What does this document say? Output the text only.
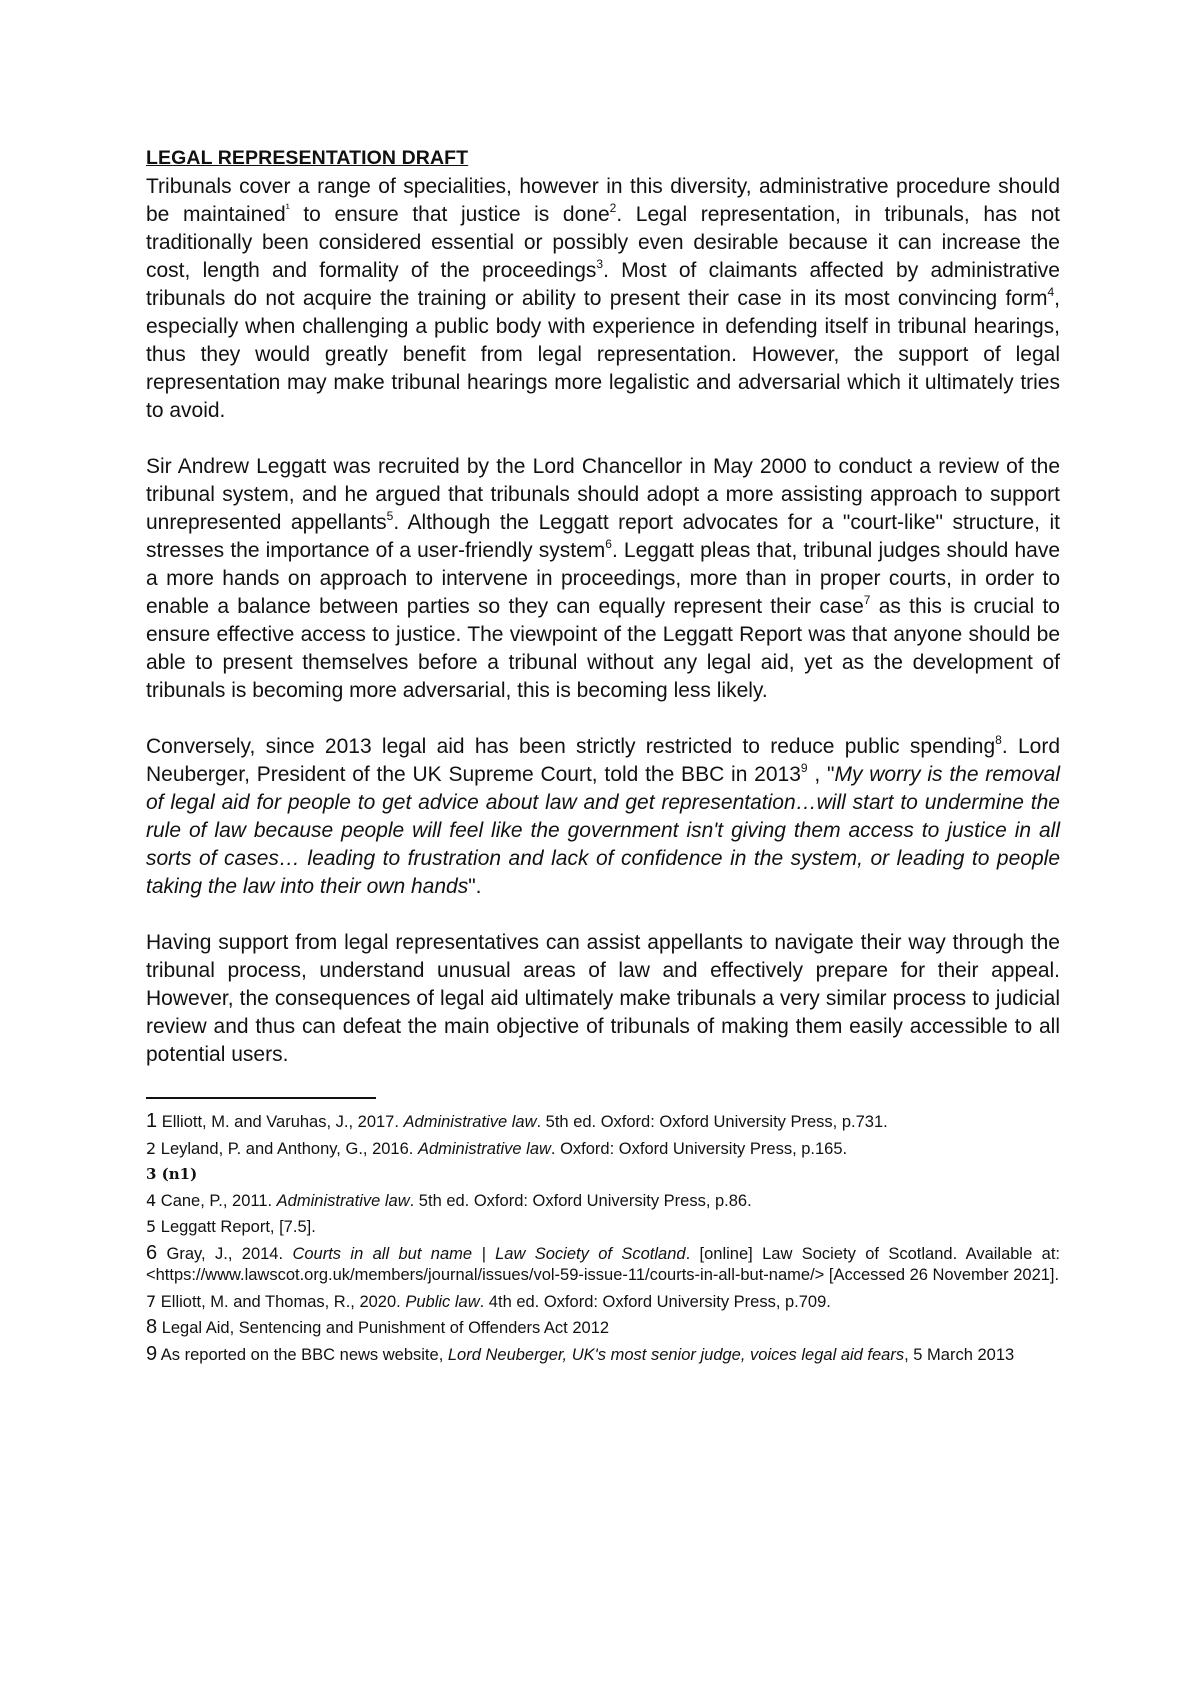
LEGAL REPRESENTATION DRAFT

Tribunals cover a range of specialities, however in this diversity, administrative procedure should be maintained$^{^1}$ to ensure that justice is done$^2$. Legal representation, in tribunals, has not traditionally been considered essential or possibly even desirable because it can increase the cost, length and formality of the proceedings$^3$. Most of claimants affected by administrative tribunals do not acquire the training or ability to present their case in its most convincing form$^4$, especially when challenging a public body with experience in defending itself in tribunal hearings, thus they would greatly benefit from legal representation. However, the support of legal representation may make tribunal hearings more legalistic and adversarial which it ultimately tries to avoid.

Sir Andrew Leggatt was recruited by the Lord Chancellor in May 2000 to conduct a review of the tribunal system, and he argued that tribunals should adopt a more assisting approach to support unrepresented appellants$^5$. Although the Leggatt report advocates for a "court-like" structure, it stresses the importance of a user-friendly system$^6$. Leggatt pleas that, tribunal judges should have a more hands on approach to intervene in proceedings, more than in proper courts, in order to enable a balance between parties so they can equally represent their case$^7$ as this is crucial to ensure effective access to justice. The viewpoint of the Leggatt Report was that anyone should be able to present themselves before a tribunal without any legal aid, yet as the development of tribunals is becoming more adversarial, this is becoming less likely.

Conversely, since 2013 legal aid has been strictly restricted to reduce public spending$^8$. Lord Neuberger, President of the UK Supreme Court, told the BBC in 2013$^9$ , "My worry is the removal of legal aid for people to get advice about law and get representation…will start to undermine the rule of law because people will feel like the government isn't giving them access to justice in all sorts of cases… leading to frustration and lack of confidence in the system, or leading to people taking the law into their own hands".

Having support from legal representatives can assist appellants to navigate their way through the tribunal process, understand unusual areas of law and effectively prepare for their appeal. However, the consequences of legal aid ultimately make tribunals a very similar process to judicial review and thus can defeat the main objective of tribunals of making them easily accessible to all potential users.

1 Elliott, M. and Varuhas, J., 2017. Administrative law. 5th ed. Oxford: Oxford University Press, p.731.
2 Leyland, P. and Anthony, G., 2016. Administrative law. Oxford: Oxford University Press, p.165.
3 (n1)
4 Cane, P., 2011. Administrative law. 5th ed. Oxford: Oxford University Press, p.86.
5 Leggatt Report, [7.5].
6 Gray, J., 2014. Courts in all but name | Law Society of Scotland. [online] Law Society of Scotland. Available at: <https://www.lawscot.org.uk/members/journal/issues/vol-59-issue-11/courts-in-all-but-name/> [Accessed 26 November 2021].
7 Elliott, M. and Thomas, R., 2020. Public law. 4th ed. Oxford: Oxford University Press, p.709.
8 Legal Aid, Sentencing and Punishment of Offenders Act 2012
9 As reported on the BBC news website, Lord Neuberger, UK's most senior judge, voices legal aid fears, 5 March 2013
